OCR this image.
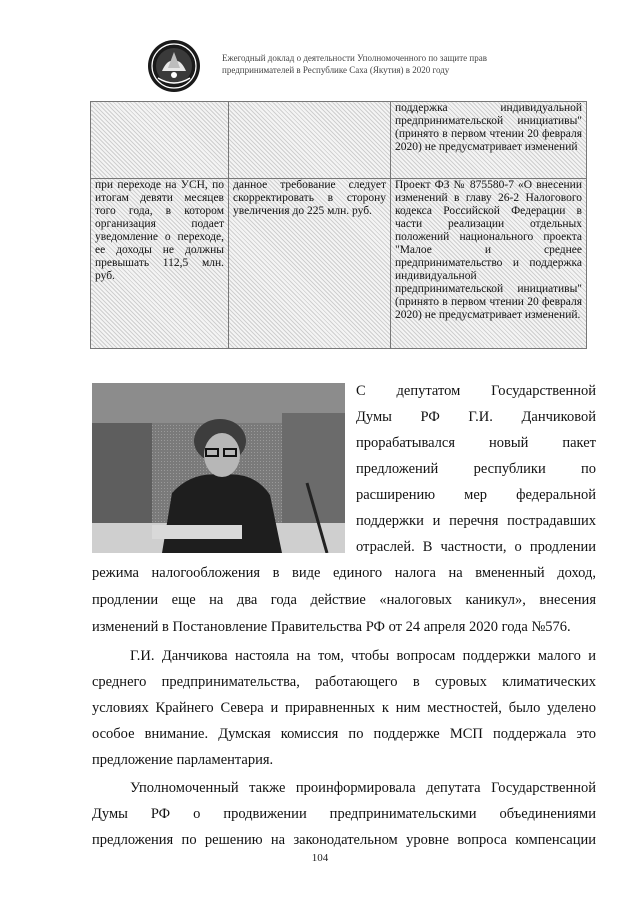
Ежегодный доклад о деятельности Уполномоченного по защите прав
предпринимателей в Республике Саха (Якутия) в 2020 году
		поддержка индивидуальной предпринимательской инициативы" (принято в первом чтении 20 февраля 2020) не предусматривает изменений
при переходе на УСН, по итогам девяти месяцев того года, в котором организация подает уведомление о переходе, ее доходы не должны превышать 112,5 млн. руб.	данное требование следует скорректировать в сторону увеличения до 225 млн. руб.	Проект ФЗ № 875580-7 «О внесении изменений в главу 26-2 Налогового кодекса Российской Федерации в части реализации отдельных положений национального проекта "Малое и среднее предпринимательство и поддержка индивидуальной предпринимательской инициативы" (принято в первом чтении 20 февраля 2020) не предусматривает изменений.
С депутатом Государственной
Думы РФ Г.И. Данчиковой
прорабатывался новый пакет
предложений республики по
расширению мер федеральной
поддержки и перечня пострадавших
отраслей. В частности, о продлении
режима налогообложения в виде единого налога на вмененный доход,
продлении еще на два года действие «налоговых каникул», внесения
изменений в Постановление Правительства РФ от 24 апреля 2020 года №576.
Г.И. Данчикова настояла на том, чтобы вопросам поддержки малого и
среднего предпринимательства, работающего в суровых климатических
условиях Крайнего Севера и приравненных к ним местностей, было уделено
особое внимание. Думская комиссия по поддержке МСП поддержала это
предложение парламентария.
Уполномоченный также проинформировала депутата Государственной
Думы РФ о продвижении предпринимательскими объединениями
предложения по решению на законодательном уровне вопроса компенсации
104
